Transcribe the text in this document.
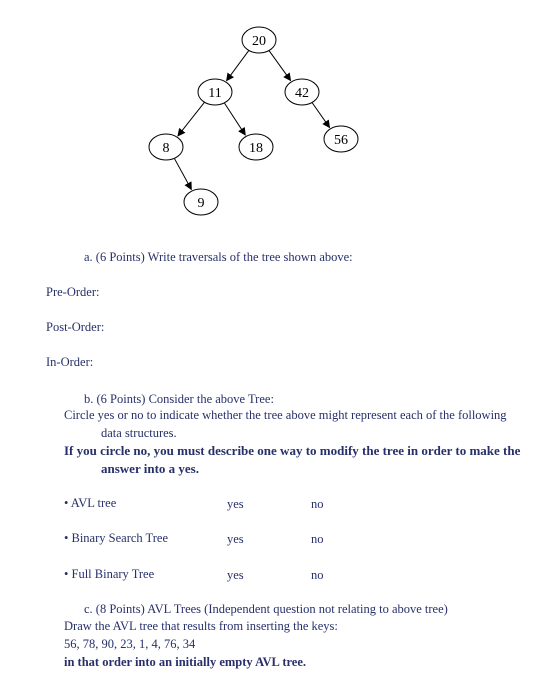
20
11	42
8	18
56
9
a. (6 Points) Write traversals of the tree shown above:
Pre-Order:
Post-Order:
In-Order:
b. (6 Points) Consider the above Tree:
Circle yes or no to indicate whether the tree above might represent each of the following
data structures.
If you circle no, you must describe one way to modify the tree in order to make the
answer into a yes.
• AVL tree	yes	no
• Binary Search Tree	yes	no
• Full Binary Tree	yes	no
c. (8 Points) AVL Trees (Independent question not relating to above tree)
Draw the AVL tree that results from inserting the keys:
56, 78, 90, 23, 1, 4, 76, 34
in that order into an initially empty AVL tree.
